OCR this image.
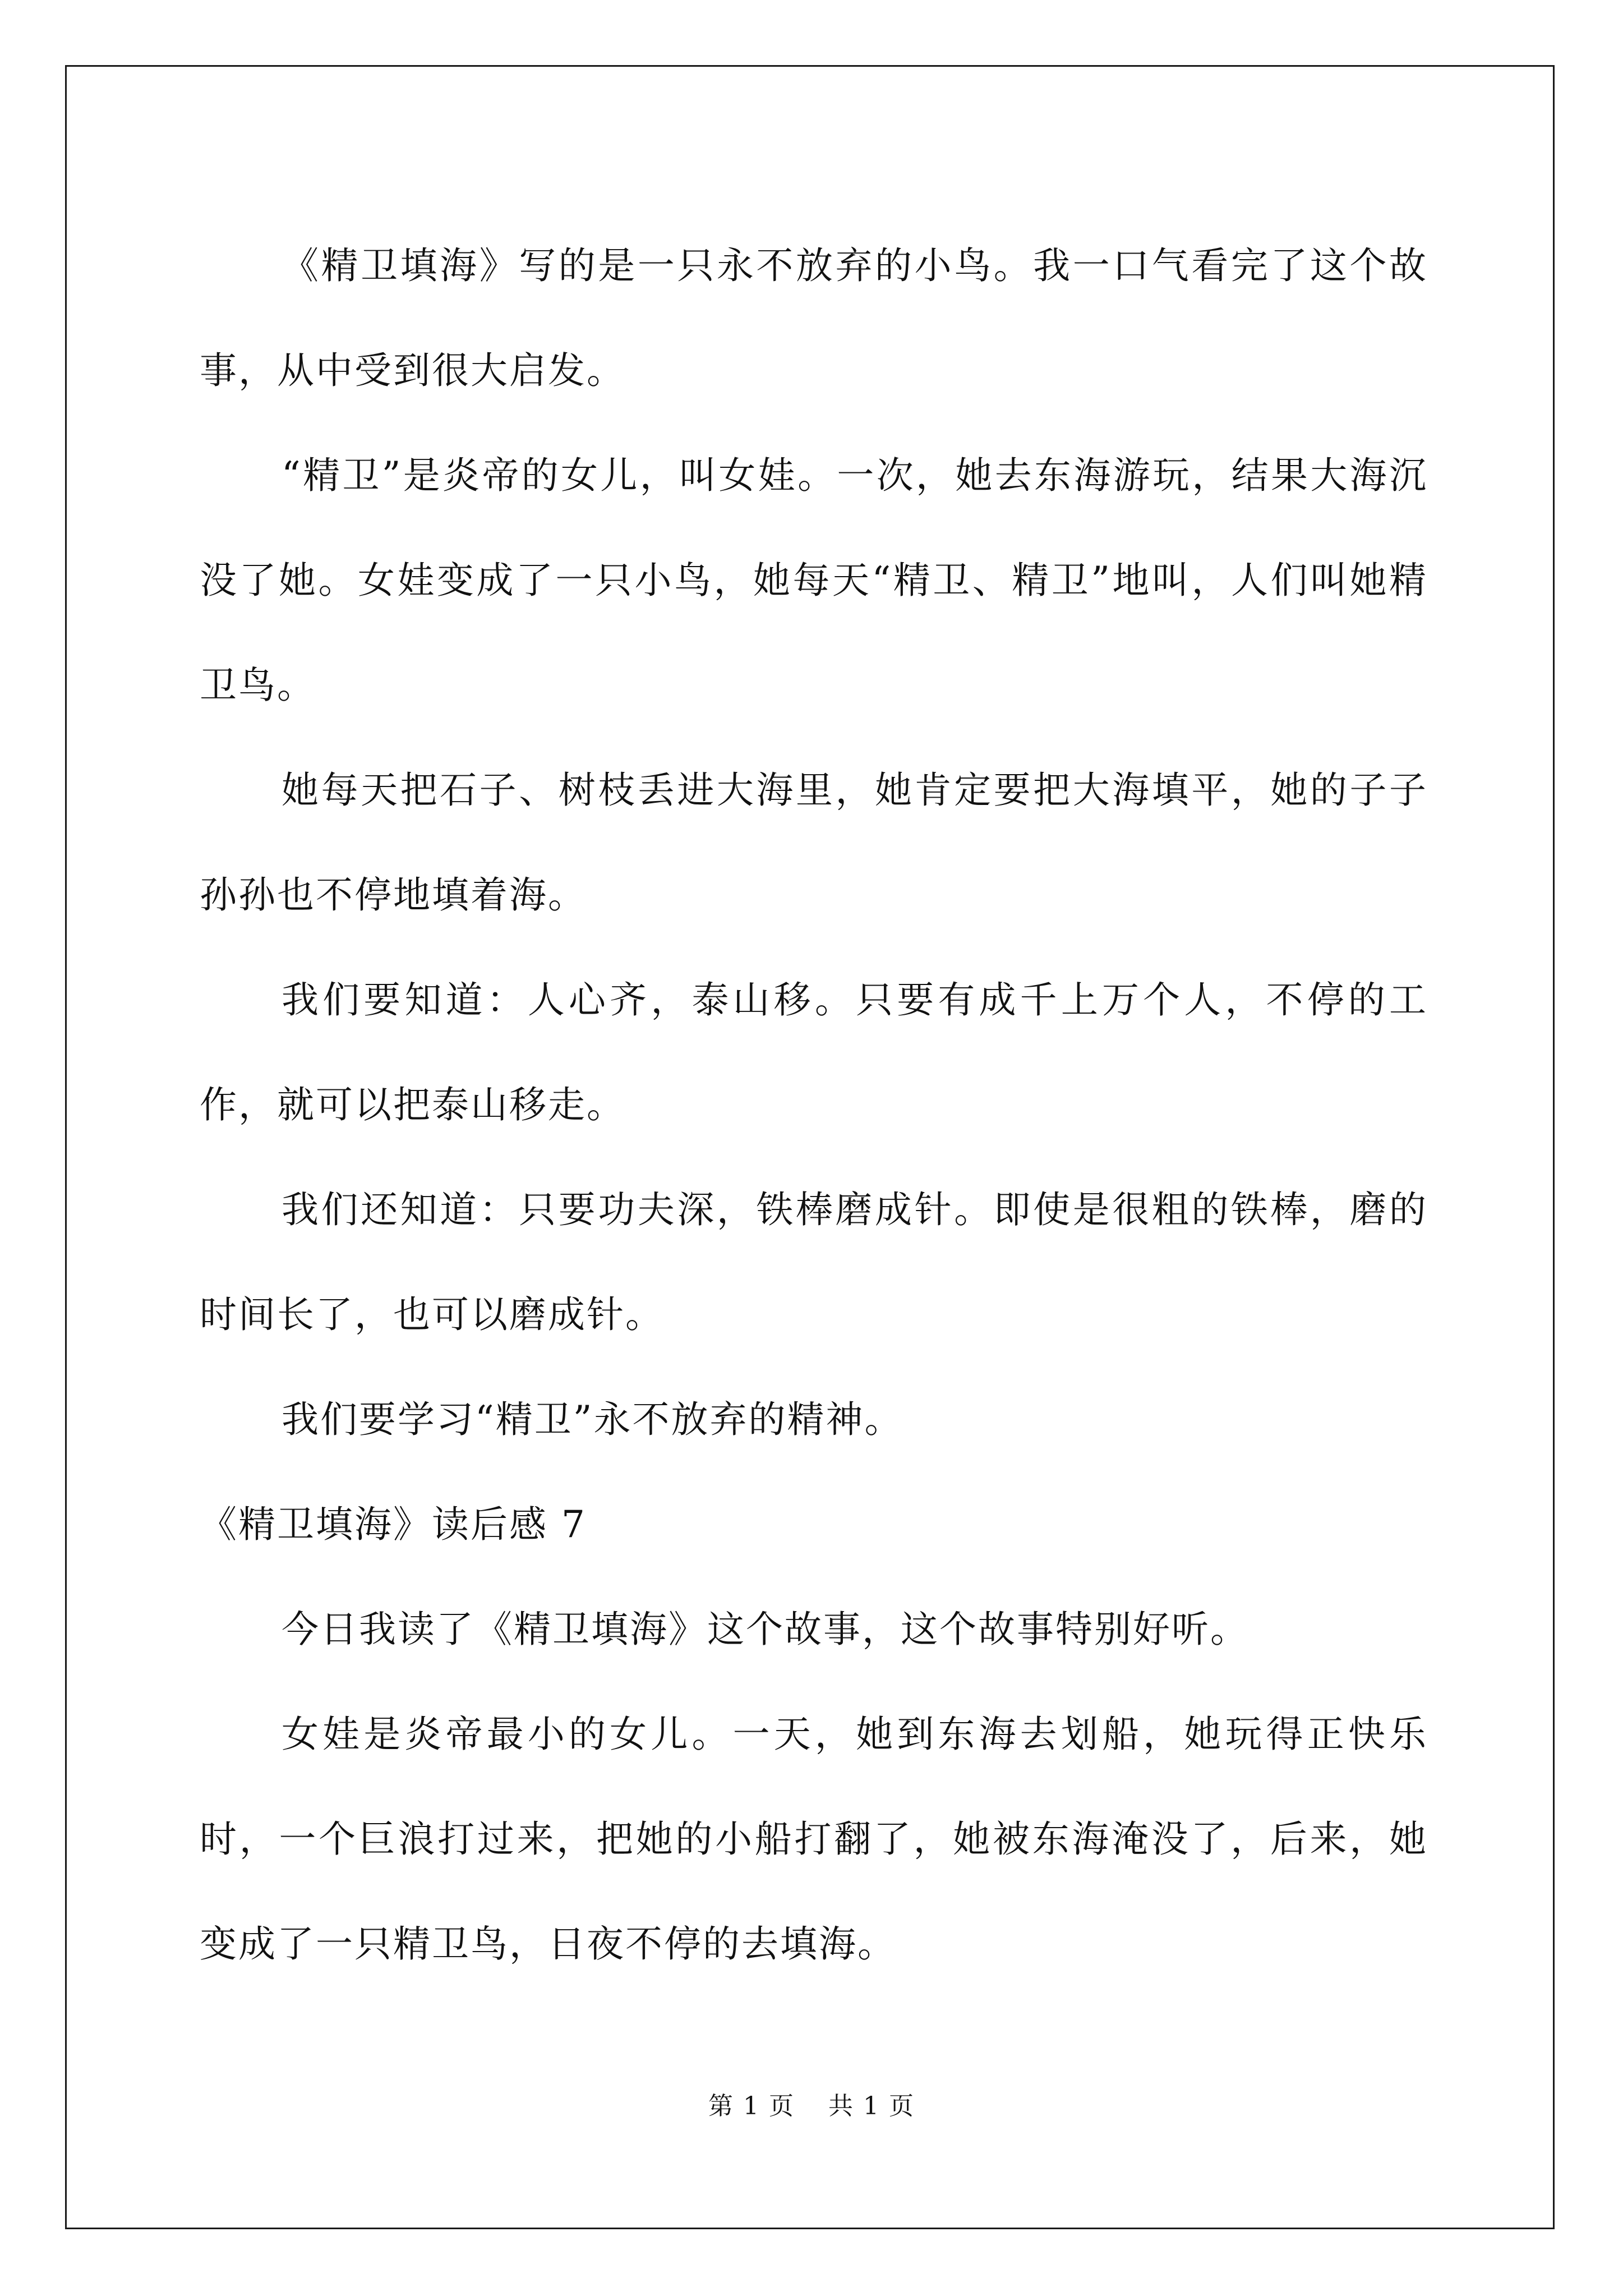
《精卫填海》写的是一只永不放弃的小鸟。我一口气看完了这个故事，从中受到很大启发。

“精卫”是炎帝的女儿，叫女娃。一次，她去东海游玩，结果大海沉没了她。女娃变成了一只小鸟，她每天“精卫、精卫”地叫，人们叫她精卫鸟。

她每天把石子、树枝丢进大海里，她肯定要把大海填平，她的子子孙孙也不停地填着海。

我们要知道：人心齐，泰山移。只要有成千上万个人，不停的工作，就可以把泰山移走。

我们还知道：只要功夫深，铁棒磨成针。即使是很粗的铁棒，磨的时间长了，也可以磨成针。

我们要学习“精卫”永不放弃的精神。

《精卫填海》读后感 7

今日我读了《精卫填海》这个故事，这个故事特别好听。

女娃是炎帝最小的女儿。一天，她到东海去划船，她玩得正快乐时，一个巨浪打过来，把她的小船打翻了，她被东海淹没了，后来，她变成了一只精卫鸟，日夜不停的去填海。

第 1 页 共 1 页
